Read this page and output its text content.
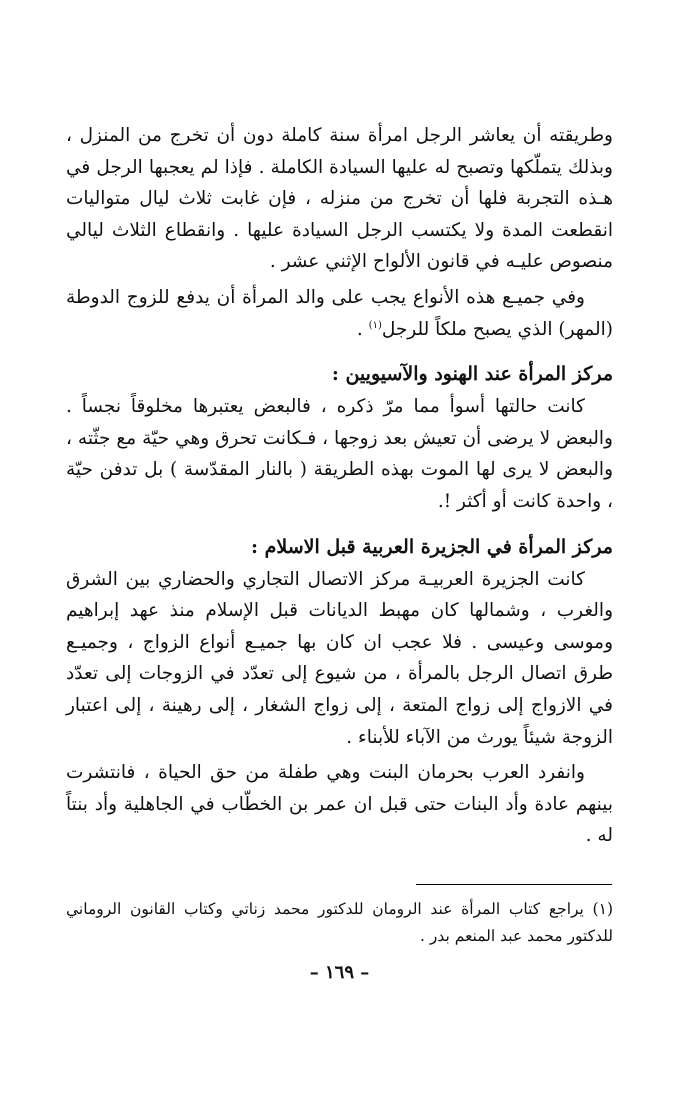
وطريقته أن يعاشر الرجل امرأة سنة كاملة دون أن تخرج من المنزل ، وبذلك يتملّكها وتصبح له عليها السيادة الكاملة . فإذا لم يعجبها الرجل في هـذه التجربة فلها أن تخرج من منزله ، فإن غابت ثلاث ليال متواليات انقطعت المدة ولا يكتسب الرجل السيادة عليها . وانقطاع الثلاث ليالي منصوص عليـه في قانون الألواح الإثني عشر .

وفي جميـع هذه الأنواع يجب على والد المرأة أن يدفع للزوج الدوطة (المهر) الذي يصبح ملكاً للرجل$^{(١)}$ .

مركز المرأة عند الهنود والآسيويين :

كانت حالتها أسوأ مما مرّ ذكره ، فالبعض يعتبرها مخلوقاً نجساً . والبعض لا يرضى أن تعيش بعد زوجها ، فـكانت تحرق وهي حيّة مع جثّته ، والبعض لا يرى لها الموت بهذه الطريقة ( بالنار المقدّسة ) بل تدفن حيّة ، واحدة كانت أو أكثر !.

مركز المرأة في الجزيرة العربية قبل الاسلام :

كانت الجزيرة العربيـة مركز الاتصال التجاري والحضاري بين الشرق والغرب ، وشمالها كان مهبط الديانات قبل الإسلام منذ عهد إبراهيم وموسى وعيسى . فلا عجب ان كان بها جميـع أنواع الزواج ، وجميـع طرق اتصال الرجل بالمرأة ، من شيوع إلى تعدّد في الزوجات إلى تعدّد في الازواج إلى زواج المتعة ، إلى زواج الشغار ، إلى رهينة ، إلى اعتبار الزوجة شيئاً يورث من الآباء للأبناء .

وانفرد العرب بحرمان البنت وهي طفلة من حق الحياة ، فانتشرت بينهم عادة وأد البنات حتى قبل ان عمر بن الخطّاب في الجاهلية وأد بنتاً له .

(١) يراجع كتاب المرأة عند الرومان للدكتور محمد زناتي وكتاب القانون الروماني للدكتور محمد عبد المنعم بدر .
– ١٦٩ –
